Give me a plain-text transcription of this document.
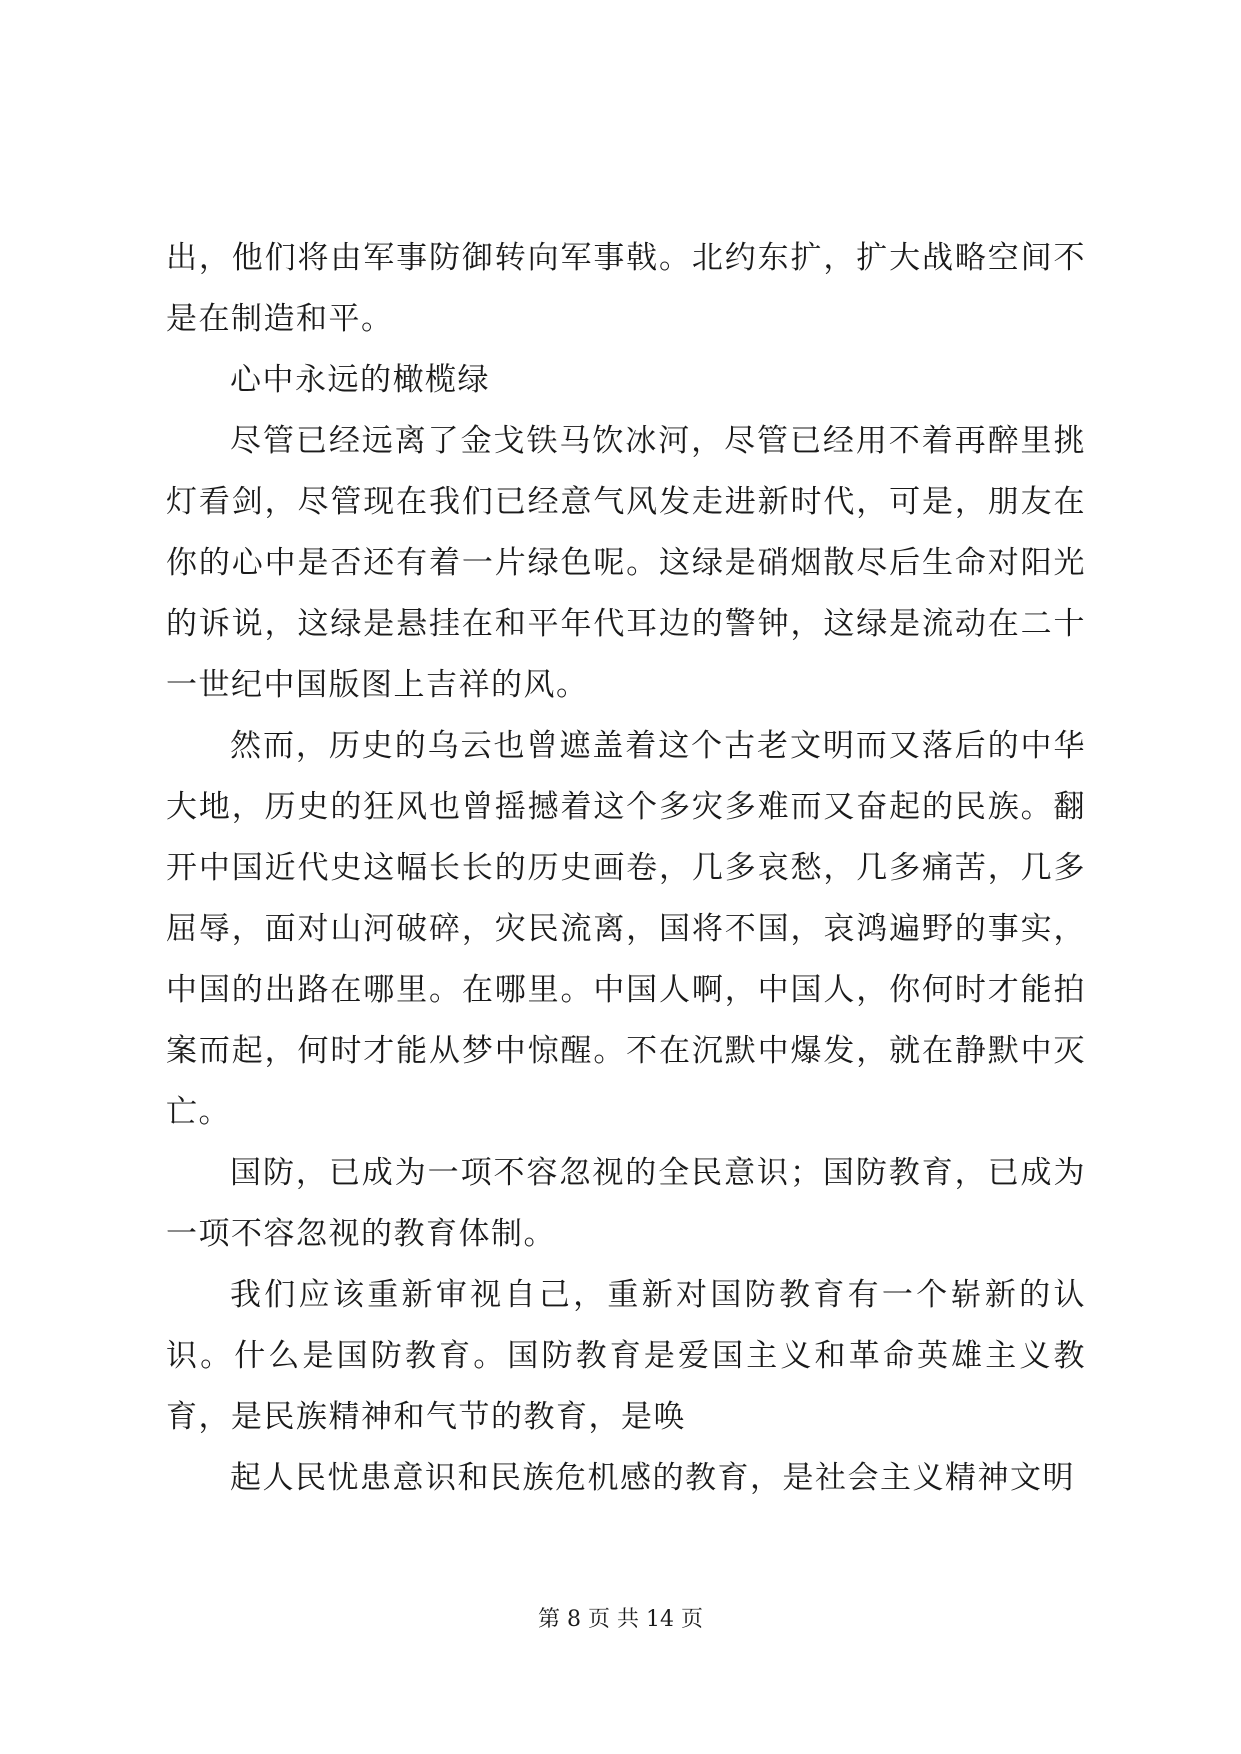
出，他们将由军事防御转向军事戟。北约东扩，扩大战略空间不是在制造和平。

心中永远的橄榄绿

尽管已经远离了金戈铁马饮冰河，尽管已经用不着再醉里挑灯看剑，尽管现在我们已经意气风发走进新时代，可是，朋友在你的心中是否还有着一片绿色呢。这绿是硝烟散尽后生命对阳光的诉说，这绿是悬挂在和平年代耳边的警钟，这绿是流动在二十一世纪中国版图上吉祥的风。

然而，历史的乌云也曾遮盖着这个古老文明而又落后的中华大地，历史的狂风也曾摇撼着这个多灾多难而又奋起的民族。翻开中国近代史这幅长长的历史画卷，几多哀愁，几多痛苦，几多屈辱，面对山河破碎，灾民流离，国将不国，哀鸿遍野的事实，中国的出路在哪里。在哪里。中国人啊，中国人，你何时才能拍案而起，何时才能从梦中惊醒。不在沉默中爆发，就在静默中灭亡。

国防，已成为一项不容忽视的全民意识；国防教育，已成为一项不容忽视的教育体制。

我们应该重新审视自己，重新对国防教育有一个崭新的认识。什么是国防教育。国防教育是爱国主义和革命英雄主义教育，是民族精神和气节的教育，是唤

起人民忧患意识和民族危机感的教育，是社会主义精神文明

第 8 页 共 14 页
